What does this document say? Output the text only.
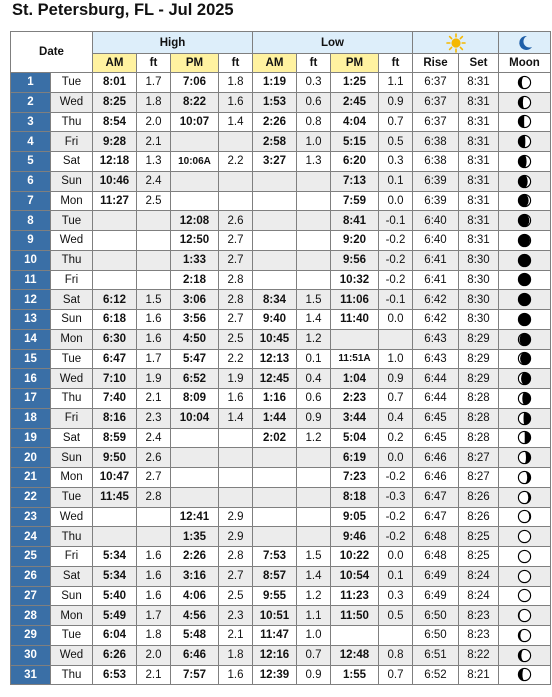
St. Petersburg, FL - Jul 2025
Date		High				Low		

		AM	ft	PM	ft	AM	ft	PM	ft	Rise	Set	Moon
1	Tue	8:01	1.7	7:06	1.8	1:19	0.3	1:25	1.1	6:37	8:31	

2	Wed	8:25	1.8	8:22	1.6	1:53	0.6	2:45	0.9	6:37	8:31	

3	Thu	8:54	2.0	10:07	1.4	2:26	0.8	4:04	0.7	6:37	8:31	

4	Fri	9:28	2.1			2:58	1.0	5:15	0.5	6:38	8:31	

5	Sat	12:18	1.3	10:06A	2.2	3:27	1.3	6:20	0.3	6:38	8:31	

6	Sun	10:46	2.4					7:13	0.1	6:39	8:31	

7	Mon	11:27	2.5					7:59	0.0	6:39	8:31	

8	Tue			12:08	2.6			8:41	-0.1	6:40	8:31	

9	Wed			12:50	2.7			9:20	-0.2	6:40	8:31	

10	Thu			1:33	2.7			9:56	-0.2	6:41	8:30	

11	Fri			2:18	2.8			10:32	-0.2	6:41	8:30	

12	Sat	6:12	1.5	3:06	2.8	8:34	1.5	11:06	-0.1	6:42	8:30	

13	Sun	6:18	1.6	3:56	2.7	9:40	1.4	11:40	0.0	6:42	8:30	

14	Mon	6:30	1.6	4:50	2.5	10:45	1.2			6:43	8:29	

15	Tue	6:47	1.7	5:47	2.2	12:13	0.1	11:51A	1.0	6:43	8:29	

16	Wed	7:10	1.9	6:52	1.9	12:45	0.4	1:04	0.9	6:44	8:29	

17	Thu	7:40	2.1	8:09	1.6	1:16	0.6	2:23	0.7	6:44	8:28	

18	Fri	8:16	2.3	10:04	1.4	1:44	0.9	3:44	0.4	6:45	8:28	

19	Sat	8:59	2.4			2:02	1.2	5:04	0.2	6:45	8:28	

20	Sun	9:50	2.6					6:19	0.0	6:46	8:27	

21	Mon	10:47	2.7					7:23	-0.2	6:46	8:27	

22	Tue	11:45	2.8					8:18	-0.3	6:47	8:26	

23	Wed			12:41	2.9			9:05	-0.2	6:47	8:26	

24	Thu			1:35	2.9			9:46	-0.2	6:48	8:25	

25	Fri	5:34	1.6	2:26	2.8	7:53	1.5	10:22	0.0	6:48	8:25	

26	Sat	5:34	1.6	3:16	2.7	8:57	1.4	10:54	0.1	6:49	8:24	

27	Sun	5:40	1.6	4:06	2.5	9:55	1.2	11:23	0.3	6:49	8:24	

28	Mon	5:49	1.7	4:56	2.3	10:51	1.1	11:50	0.5	6:50	8:23	

29	Tue	6:04	1.8	5:48	2.1	11:47	1.0			6:50	8:23	

30	Wed	6:26	2.0	6:46	1.8	12:16	0.7	12:48	0.8	6:51	8:22	

31	Thu	6:53	2.1	7:57	1.6	12:39	0.9	1:55	0.7	6:52	8:21	
